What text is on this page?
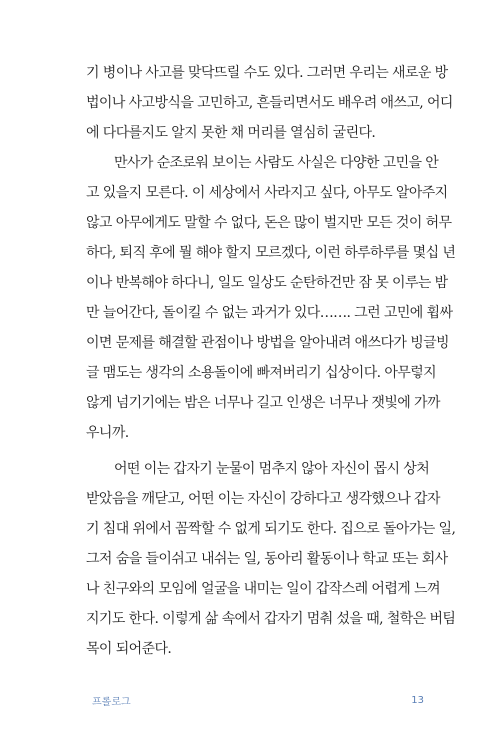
기 병이나 사고를 맞닥뜨릴 수도 있다. 그러면 우리는 새로운 방
법이나 사고방식을 고민하고, 흔들리면서도 배우려 애쓰고, 어디
에 다다를지도 알지 못한 채 머리를 열심히 굴린다.
만사가 순조로워 보이는 사람도 사실은 다양한 고민을 안
고 있을지 모른다. 이 세상에서 사라지고 싶다, 아무도 알아주지
않고 아무에게도 말할 수 없다, 돈은 많이 벌지만 모든 것이 허무
하다, 퇴직 후에 뭘 해야 할지 모르겠다, 이런 하루하루를 몇십 년
이나 반복해야 하다니, 일도 일상도 순탄하건만 잠 못 이루는 밤
만 늘어간다, 돌이킬 수 없는 과거가 있다……. 그런 고민에 휩싸
이면 문제를 해결할 관점이나 방법을 알아내려 애쓰다가 빙글빙
글 맴도는 생각의 소용돌이에 빠져버리기 십상이다. 아무렇지
않게 넘기기에는 밤은 너무나 길고 인생은 너무나 잿빛에 가까
우니까.
어떤 이는 갑자기 눈물이 멈추지 않아 자신이 몹시 상처
받았음을 깨닫고, 어떤 이는 자신이 강하다고 생각했으나 갑자
기 침대 위에서 꼼짝할 수 없게 되기도 한다. 집으로 돌아가는 일,
그저 숨을 들이쉬고 내쉬는 일, 동아리 활동이나 학교 또는 회사
나 친구와의 모임에 얼굴을 내미는 일이 갑작스레 어렵게 느껴
지기도 한다. 이렇게 삶 속에서 갑자기 멈춰 섰을 때, 철학은 버팀
목이 되어준다.
프롤로그	13
